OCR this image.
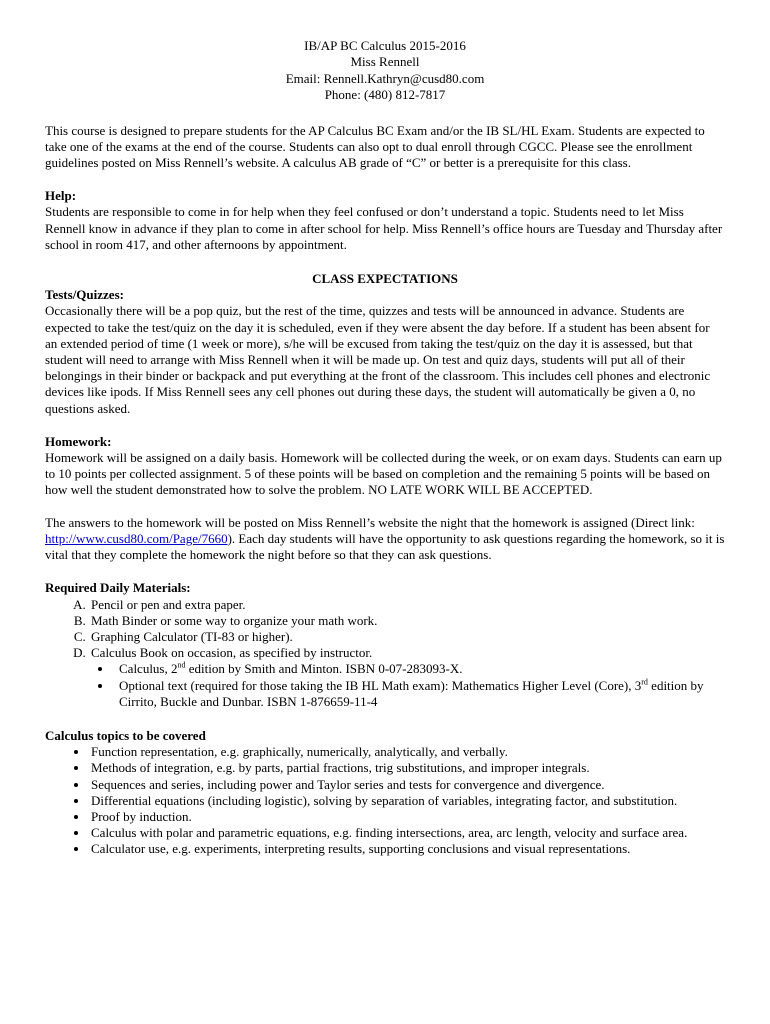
IB/AP BC Calculus 2015-2016
Miss Rennell
Email: Rennell.Kathryn@cusd80.com
Phone: (480) 812-7817

This course is designed to prepare students for the AP Calculus BC Exam and/or the IB SL/HL Exam. Students are expected to take one of the exams at the end of the course. Students can also opt to dual enroll through CGCC. Please see the enrollment guidelines posted on Miss Rennell’s website. A calculus AB grade of “C” or better is a prerequisite for this class.

Help:

Students are responsible to come in for help when they feel confused or don’t understand a topic. Students need to let Miss Rennell know in advance if they plan to come in after school for help. Miss Rennell’s office hours are Tuesday and Thursday after school in room 417, and other afternoons by appointment.

CLASS EXPECTATIONS
Tests/Quizzes:

Occasionally there will be a pop quiz, but the rest of the time, quizzes and tests will be announced in advance. Students are expected to take the test/quiz on the day it is scheduled, even if they were absent the day before. If a student has been absent for an extended period of time (1 week or more), s/he will be excused from taking the test/quiz on the day it is assessed, but that student will need to arrange with Miss Rennell when it will be made up. On test and quiz days, students will put all of their belongings in their binder or backpack and put everything at the front of the classroom. This includes cell phones and electronic devices like ipods. If Miss Rennell sees any cell phones out during these days, the student will automatically be given a 0, no questions asked.

Homework:

Homework will be assigned on a daily basis. Homework will be collected during the week, or on exam days. Students can earn up to 10 points per collected assignment. 5 of these points will be based on completion and the remaining 5 points will be based on how well the student demonstrated how to solve the problem. NO LATE WORK WILL BE ACCEPTED.

The answers to the homework will be posted on Miss Rennell’s website the night that the homework is assigned (Direct link: http://www.cusd80.com/Page/7660). Each day students will have the opportunity to ask questions regarding the homework, so it is vital that they complete the homework the night before so that they can ask questions.

Required Daily Materials:
A. Pencil or pen and extra paper.
B. Math Binder or some way to organize your math work.
C. Graphing Calculator (TI-83 or higher).
D. Calculus Book on occasion, as specified by instructor.
• Calculus, 2nd edition by Smith and Minton. ISBN 0-07-283093-X.
• Optional text (required for those taking the IB HL Math exam): Mathematics Higher Level (Core), 3rd edition by Cirrito, Buckle and Dunbar. ISBN 1-876659-11-4
Calculus topics to be covered
• Function representation, e.g. graphically, numerically, analytically, and verbally.
• Methods of integration, e.g. by parts, partial fractions, trig substitutions, and improper integrals.
• Sequences and series, including power and Taylor series and tests for convergence and divergence.
• Differential equations (including logistic), solving by separation of variables, integrating factor, and substitution.
• Proof by induction.
• Calculus with polar and parametric equations, e.g. finding intersections, area, arc length, velocity and surface area.
• Calculator use, e.g. experiments, interpreting results, supporting conclusions and visual representations.
